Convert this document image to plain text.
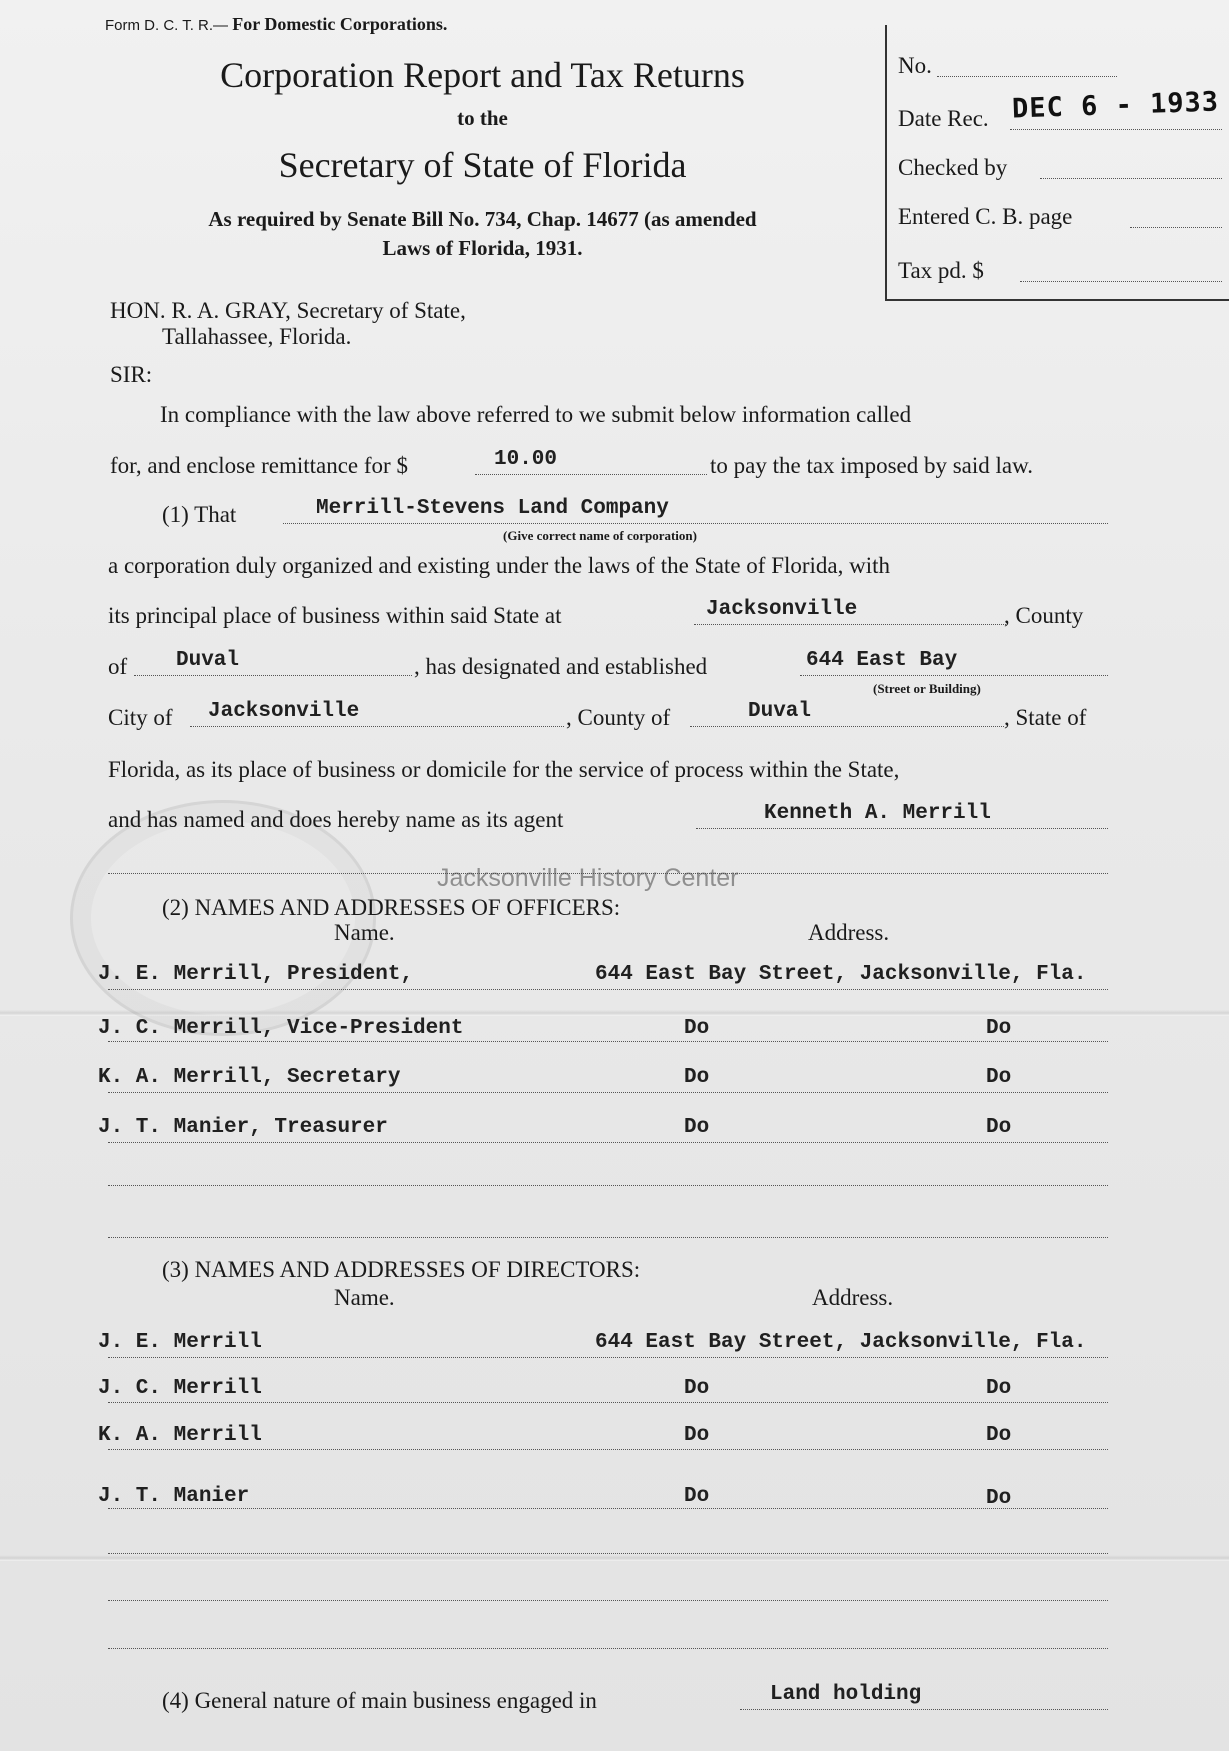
Form D. C. T. R.— For Domestic Corporations.
Corporation Report and Tax Returns
to the
Secretary of State of Florida
As required by Senate Bill No. 734, Chap. 14677 (as amended
Laws of Florida, 1931.
No.
Date Rec. DEC 6 - 1933
Checked by
Entered C. B. page
Tax pd. $
HON. R. A. GRAY, Secretary of State,
Tallahassee, Florida.
SIR:
In compliance with the law above referred to we submit below information called
for, and enclose remittance for $	10.00	to pay the tax imposed by said law.
(1) That	Merrill-Stevens Land Company
(Give correct name of corporation)
a corporation duly organized and existing under the laws of the State of Florida, with
its principal place of business within said State at	Jacksonville	, County
of Duval	, has designated and established	644 East Bay
(Street or Building)
City of Jacksonville	, County of	Duval	, State of
Florida, as its place of business or domicile for the service of process within the State,
and has named and does hereby name as its agent	Kenneth A. Merrill
Jacksonville History Center
(2) NAMES AND ADDRESSES OF OFFICERS:
Name.	Address.
J. E. Merrill, President,	644 East Bay Street, Jacksonville, Fla.
J. C. Merrill, Vice-President	Do	Do
K. A. Merrill, Secretary	Do	Do
J. T. Manier, Treasurer	Do	Do
(3) NAMES AND ADDRESSES OF DIRECTORS:
Name.	Address.
J. E. Merrill	644 East Bay Street, Jacksonville, Fla.
J. C. Merrill	Do	Do
K. A. Merrill	Do	Do
J. T. Manier	Do	Do
(4) General nature of main business engaged in	Land holding
